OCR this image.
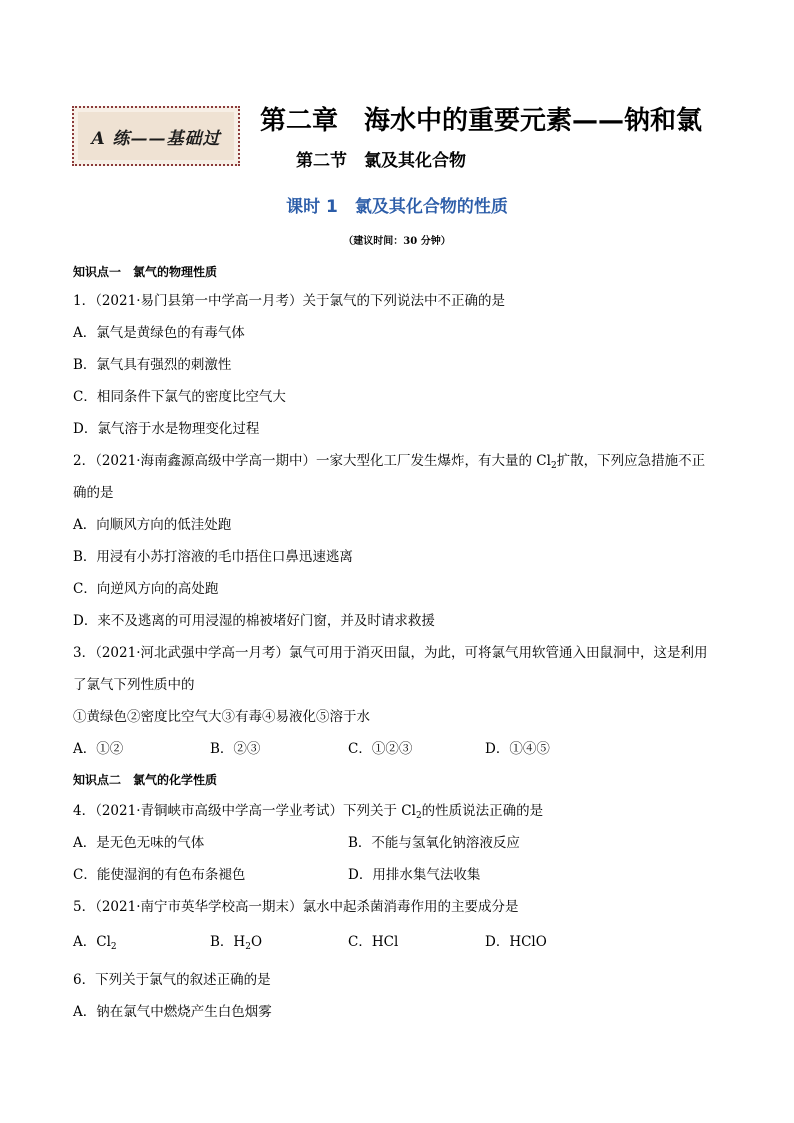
A 练——基础过
第二章　海水中的重要元素——钠和氯
第二节　氯及其化合物
课时 1　氯及其化合物的性质
（建议时间：30 分钟）
知识点一　氯气的物理性质
1．（2021·易门县第一中学高一月考）关于氯气的下列说法中不正确的是
A．氯气是黄绿色的有毒气体
B．氯气具有强烈的刺激性
C．相同条件下氯气的密度比空气大
D．氯气溶于水是物理变化过程
2．（2021·海南鑫源高级中学高一期中）一家大型化工厂发生爆炸，有大量的 $Cl_2$扩散，下列应急措施不正
确的是
A．向顺风方向的低洼处跑
B．用浸有小苏打溶液的毛巾捂住口鼻迅速逃离
C．向逆风方向的高处跑
D．来不及逃离的可用浸湿的棉被堵好门窗，并及时请求救援
3．（2021·河北武强中学高一月考）氯气可用于消灭田鼠，为此，可将氯气用软管通入田鼠洞中，这是利用
了氯气下列性质中的
①黄绿色②密度比空气大③有毒④易液化⑤溶于水
A．①②	B．②③	C．①②③	D．①④⑤
知识点二　氯气的化学性质
4．（2021·青铜峡市高级中学高一学业考试）下列关于 $Cl_2$的性质说法正确的是
A．是无色无味的气体	B．不能与氢氧化钠溶液反应
C．能使湿润的有色布条褪色	D．用排水集气法收集
5．（2021·南宁市英华学校高一期末）氯水中起杀菌消毒作用的主要成分是
A．$Cl_2$	B．$H_2O$	C．HCl	D．HClO
6．下列关于氯气的叙述正确的是
A．钠在氯气中燃烧产生白色烟雾
